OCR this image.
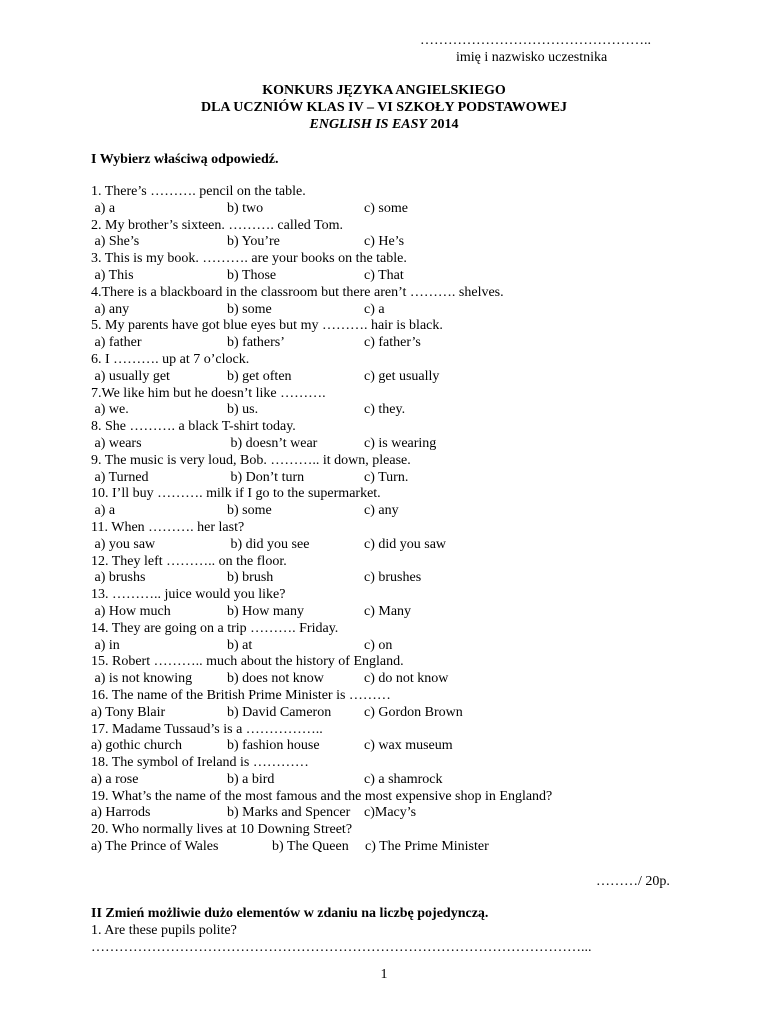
…………………………………………..
imię i nazwisko uczestnika
KONKURS JĘZYKA ANGIELSKIEGO
DLA UCZNIÓW KLAS IV – VI SZKOŁY PODSTAWOWEJ
ENGLISH IS EASY 2014
I Wybierz właściwą odpowiedź.
1. There’s ………. pencil on the table.
a) a	b) two	c) some
2. My brother’s sixteen. ………. called Tom.
a) She’s	b) You’re	c) He’s
3. This is my book. ………. are your books on the table.
a) This	b) Those	c) That
4.There is a blackboard in the classroom but there aren’t ………. shelves.
a) any	b) some	c) a
5. My parents have got blue eyes but my ………. hair is black.
a) father	b) fathers’	c) father’s
6. I ………. up at 7 o’clock.
a) usually get	b) get often	c) get usually
7.We like him but he doesn’t like ……….
a) we.	b) us.	c) they.
8. She ………. a black T-shirt today.
a) wears	b) doesn’t wear	c) is wearing
9. The music is very loud, Bob. ……….. it down, please.
a) Turned	b) Don’t turn	c) Turn.
10. I’ll buy ………. milk if I go to the supermarket.
a) a	b) some	c) any
11. When ………. her last?
a) you saw	b) did you see	c) did you saw
12. They left ……….. on the floor.
a) brushs	b) brush	c) brushes
13. ……….. juice would you like?
a) How much	b) How many	c) Many
14. They are going on a trip ………. Friday.
a) in	b) at	c) on
15. Robert ……….. much about the history of England.
a) is not knowing b) does not know	c) do not know
16. The name of the British Prime Minister is ………
a) Tony Blair	b) David Cameron c) Gordon Brown
17. Madame Tussaud’s is a ……………..
a) gothic church	b) fashion house	c) wax museum
18. The symbol of Ireland is …………
a) a rose	b) a bird	c) a shamrock
19. What’s the name of the most famous and the most expensive shop in England?
a) Harrods	b) Marks and Spencer c)Macy’s
20. Who normally lives at 10 Downing Street?
a) The Prince of Wales	b) The Queen c) The Prime Minister
………/ 20p.
II Zmień możliwie dużo elementów w zdaniu na liczbę pojedynczą.
1. Are these pupils polite?
……………………………………………………………………………………………...
1
